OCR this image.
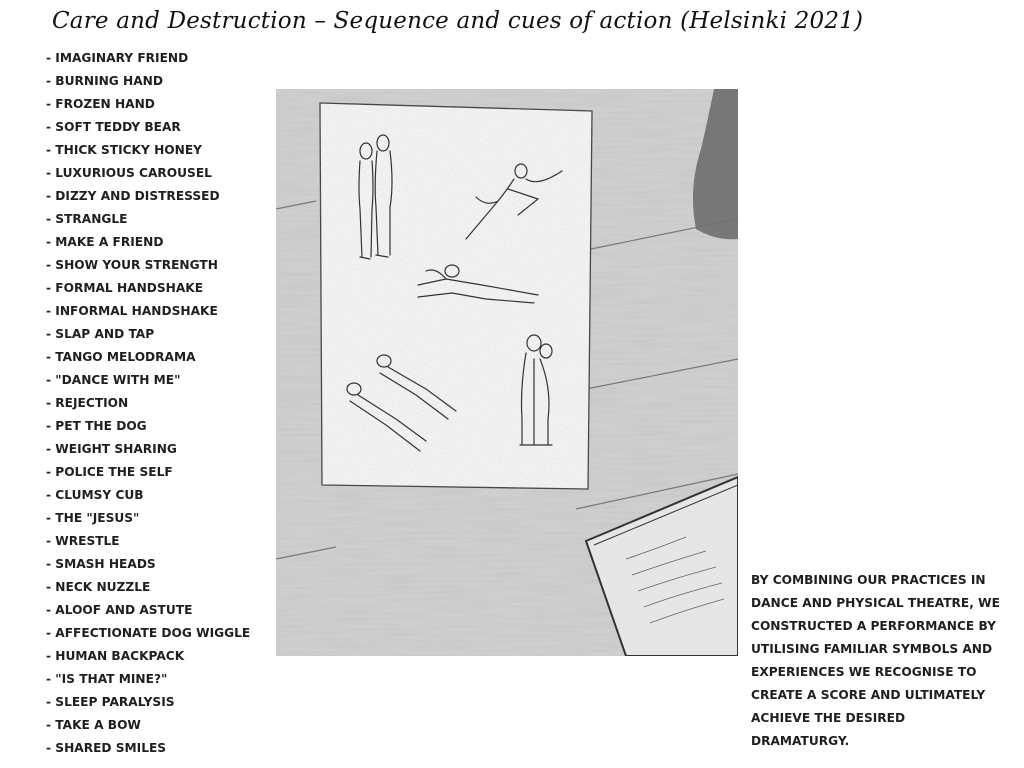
Care and Destruction – Sequence and cues of action (Helsinki 2021)
- IMAGINARY FRIEND
- BURNING HAND
- FROZEN HAND
- SOFT TEDDY BEAR
- THICK STICKY HONEY
- LUXURIOUS CAROUSEL
- DIZZY AND DISTRESSED
- STRANGLE
- MAKE A FRIEND
- SHOW YOUR STRENGTH
- FORMAL HANDSHAKE
- INFORMAL HANDSHAKE
- SLAP AND TAP
- TANGO MELODRAMA
- "DANCE WITH ME"
- REJECTION
- PET THE DOG
- WEIGHT SHARING
- POLICE THE SELF
- CLUMSY CUB
- THE "JESUS"
- WRESTLE
- SMASH HEADS
- NECK NUZZLE
- ALOOF AND ASTUTE
- AFFECTIONATE DOG WIGGLE
- HUMAN BACKPACK
- "IS THAT MINE?"
- SLEEP PARALYSIS
- TAKE A BOW
- SHARED SMILES
BY COMBINING OUR PRACTICES IN DANCE AND PHYSICAL THEATRE, WE CONSTRUCTED A PERFORMANCE BY UTILISING FAMILIAR SYMBOLS AND EXPERIENCES WE RECOGNISE TO CREATE A SCORE AND ULTIMATELY ACHIEVE THE DESIRED DRAMATURGY.
